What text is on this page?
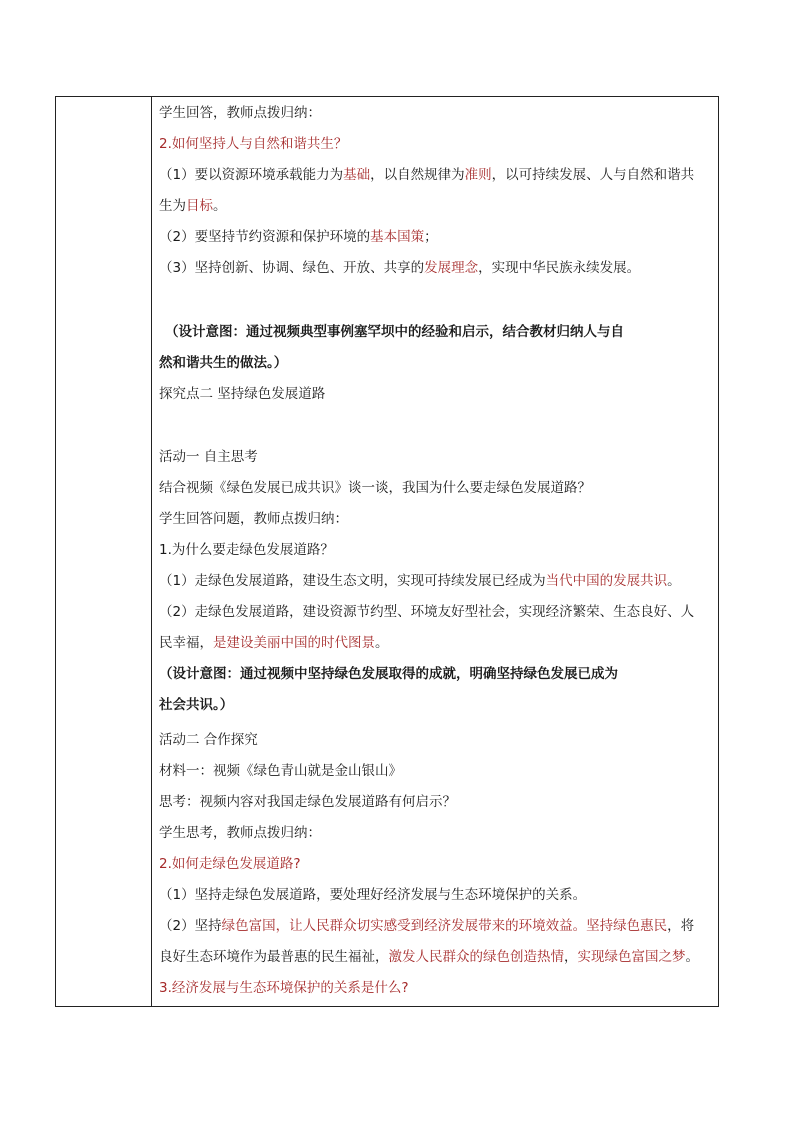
学生回答，教师点拨归纳：
2.如何坚持人与自然和谐共生？
（1）要以资源环境承载能力为基础，以自然规律为准则，以可持续发展、人与自然和谐共
生为目标。
（2）要坚持节约资源和保护环境的基本国策；
（3）坚持创新、协调、绿色、开放、共享的发展理念，实现中华民族永续发展。
（设计意图：通过视频典型事例塞罕坝中的经验和启示，结合教材归纳人与自
然和谐共生的做法。）
探究点二 坚持绿色发展道路
活动一 自主思考
结合视频《绿色发展已成共识》谈一谈，我国为什么要走绿色发展道路？
学生回答问题，教师点拨归纳：
1.为什么要走绿色发展道路？
（1）走绿色发展道路，建设生态文明，实现可持续发展已经成为当代中国的发展共识。
（2）走绿色发展道路，建设资源节约型、环境友好型社会，实现经济繁荣、生态良好、人
民幸福，是建设美丽中国的时代图景。
（设计意图：通过视频中坚持绿色发展取得的成就，明确坚持绿色发展已成为
社会共识。）
活动二 合作探究
材料一：视频《绿色青山就是金山银山》
思考：视频内容对我国走绿色发展道路有何启示？
学生思考，教师点拨归纳：
2.如何走绿色发展道路?
（1）坚持走绿色发展道路，要处理好经济发展与生态环境保护的关系。
（2）坚持绿色富国，让人民群众切实感受到经济发展带来的环境效益。坚持绿色惠民，将
良好生态环境作为最普惠的民生福祉，激发人民群众的绿色创造热情，实现绿色富国之梦。
3.经济发展与生态环境保护的关系是什么?
